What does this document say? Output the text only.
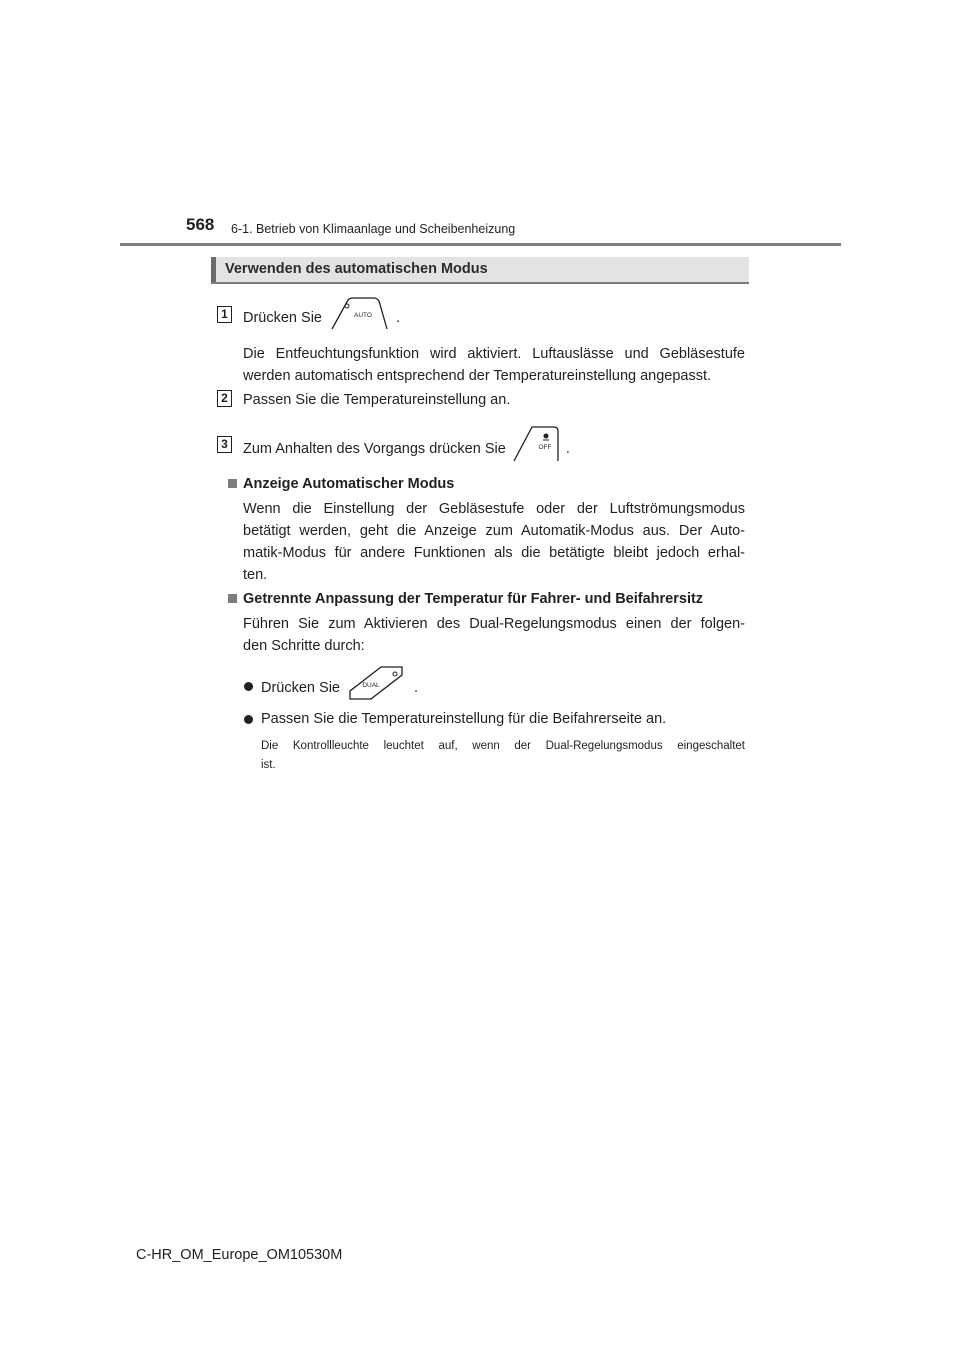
568 6-1. Betrieb von Klimaanlage und Scheibenheizung
Verwenden des automatischen Modus
1 Drücken Sie	AUTO .
Die Entfeuchtungsfunktion wird aktiviert. Luftauslässe und Gebläsestufe
werden automatisch entsprechend der Temperatureinstellung angepasst.
2 Passen Sie die Temperatureinstellung an.
3 Zum Anhalten des Vorgangs drücken Sie	OFF .
Anzeige Automatischer Modus
Wenn die Einstellung der Gebläsestufe oder der Luftströmungsmodus
betätigt werden, geht die Anzeige zum Automatik-Modus aus. Der Auto-
matik-Modus für andere Funktionen als die betätigte bleibt jedoch erhal-
ten.
Getrennte Anpassung der Temperatur für Fahrer- und Beifahrersitz
Führen Sie zum Aktivieren des Dual-Regelungsmodus einen der folgen-
den Schritte durch:
Drücken Sie	DUAL .
Passen Sie die Temperatureinstellung für die Beifahrerseite an.
Die Kontrollleuchte leuchtet auf, wenn der Dual-Regelungsmodus eingeschaltet
ist.
C-HR_OM_Europe_OM10530M
